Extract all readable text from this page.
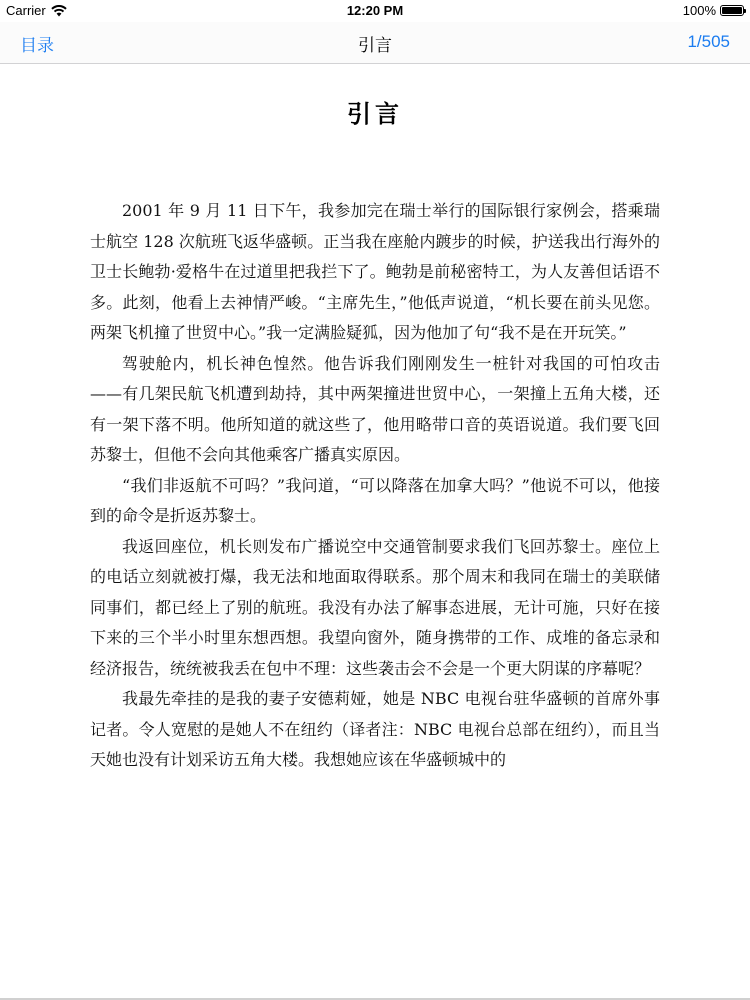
Carrier	12:20 PM	100%
目录	引言	1/505
引言

2001 年 9 月 11 日下午，我参加完在瑞士举行的国际银行家例会，搭乘瑞士航空 128 次航班飞返华盛顿。正当我在座舱内踱步的时候，护送我出行海外的卫士长鲍勃·爱格牛在过道里把我拦下了。鲍勃是前秘密特工，为人友善但话语不多。此刻，他看上去神情严峻。“主席先生，”他低声说道，“机长要在前头见您。两架飞机撞了世贸中心。”我一定满脸疑狐，因为他加了句“我不是在开玩笑。”

驾驶舱内，机长神色惶然。他告诉我们刚刚发生一桩针对我国的可怕攻击——有几架民航飞机遭到劫持，其中两架撞进世贸中心，一架撞上五角大楼，还有一架下落不明。他所知道的就这些了，他用略带口音的英语说道。我们要飞回苏黎士，但他不会向其他乘客广播真实原因。

“我们非返航不可吗？”我问道，“可以降落在加拿大吗？”他说不可以，他接到的命令是折返苏黎士。

我返回座位，机长则发布广播说空中交通管制要求我们飞回苏黎士。座位上的电话立刻就被打爆，我无法和地面取得联系。那个周末和我同在瑞士的美联储同事们，都已经上了别的航班。我没有办法了解事态进展，无计可施，只好在接下来的三个半小时里东想西想。我望向窗外，随身携带的工作、成堆的备忘录和经济报告，统统被我丢在包中不理：这些袭击会不会是一个更大阴谋的序幕呢？

我最先牵挂的是我的妻子安德莉娅，她是 NBC 电视台驻华盛顿的首席外事记者。令人宽慰的是她人不在纽约（译者注：NBC 电视台总部在纽约），而且当天她也没有计划采访五角大楼。我想她应该在华盛顿城中的
